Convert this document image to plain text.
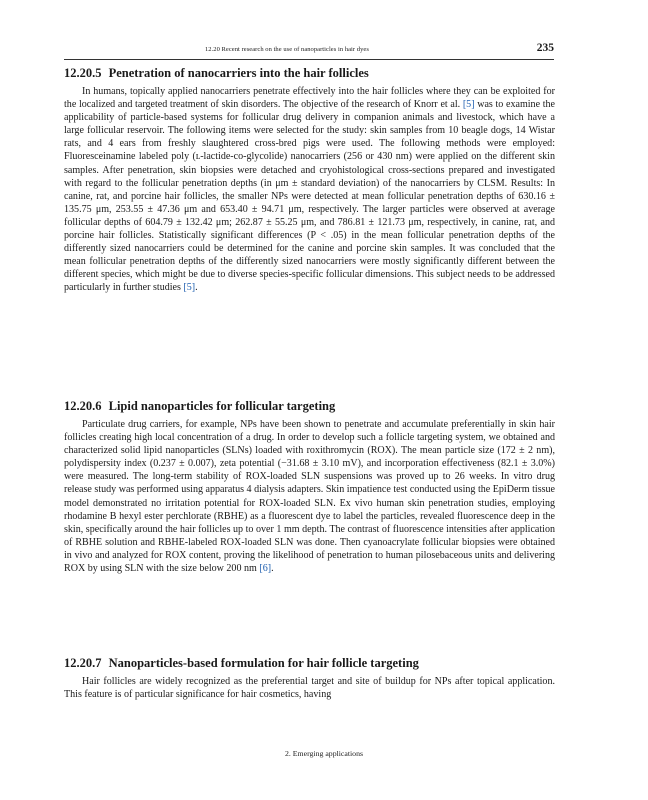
12.20 Recent research on the use of nanoparticles in hair dyes	235
12.20.5 Penetration of nanocarriers into the hair follicles

In humans, topically applied nanocarriers penetrate effectively into the hair follicles where they can be exploited for the localized and targeted treatment of skin disorders. The objective of the research of Knorr et al. [5] was to examine the applicability of particle-based systems for follicular drug delivery in companion animals and livestock, which have a large follicular reservoir. The following items were selected for the study: skin samples from 10 beagle dogs, 14 Wistar rats, and 4 ears from freshly slaughtered cross-bred pigs were used. The following methods were employed: Fluoresceinamine labeled poly (ʟ-lactide-co-glycolide) nanocarriers (256 or 430 nm) were applied on the different skin samples. After penetration, skin biopsies were detached and cryohistological cross-sections prepared and investigated with regard to the follicular penetration depths (in μm ± standard deviation) of the nanocarriers by CLSM. Results: In canine, rat, and porcine hair follicles, the smaller NPs were detected at mean follicular penetration depths of 630.16 ± 135.75 μm, 253.55 ± 47.36 μm and 653.40 ± 94.71 μm, respectively. The larger particles were observed at average follicular depths of 604.79 ± 132.42 μm; 262.87 ± 55.25 μm, and 786.81 ± 121.73 μm, respectively, in canine, rat, and porcine hair follicles. Statistically significant differences (P < .05) in the mean follicular penetration depths of the differently sized nanocarriers could be determined for the canine and porcine skin samples. It was concluded that the mean follicular penetration depths of the differently sized nanocarriers were mostly significantly different between the different species, which might be due to diverse species-specific follicular dimensions. This subject needs to be addressed particularly in further studies [5].

12.20.6 Lipid nanoparticles for follicular targeting

Particulate drug carriers, for example, NPs have been shown to penetrate and accumulate preferentially in skin hair follicles creating high local concentration of a drug. In order to develop such a follicle targeting system, we obtained and characterized solid lipid nanoparticles (SLNs) loaded with roxithromycin (ROX). The mean particle size (172 ± 2 nm), polydispersity index (0.237 ± 0.007), zeta potential (−31.68 ± 3.10 mV), and incorporation effectiveness (82.1 ± 3.0%) were measured. The long-term stability of ROX-loaded SLN suspensions was proved up to 26 weeks. In vitro drug release study was performed using apparatus 4 dialysis adapters. Skin impatience test conducted using the EpiDerm tissue model demonstrated no irritation potential for ROX-loaded SLN. Ex vivo human skin penetration studies, employing rhodamine B hexyl ester perchlorate (RBHE) as a fluorescent dye to label the particles, revealed fluorescence deep in the skin, specifically around the hair follicles up to over 1 mm depth. The contrast of fluorescence intensities after application of RBHE solution and RBHE-labeled ROX-loaded SLN was done. Then cyanoacrylate follicular biopsies were obtained in vivo and analyzed for ROX content, proving the likelihood of penetration to human pilosebaceous units and delivering ROX by using SLN with the size below 200 nm [6].

12.20.7 Nanoparticles-based formulation for hair follicle targeting

Hair follicles are widely recognized as the preferential target and site of buildup for NPs after topical application. This feature is of particular significance for hair cosmetics, having

2. Emerging applications
